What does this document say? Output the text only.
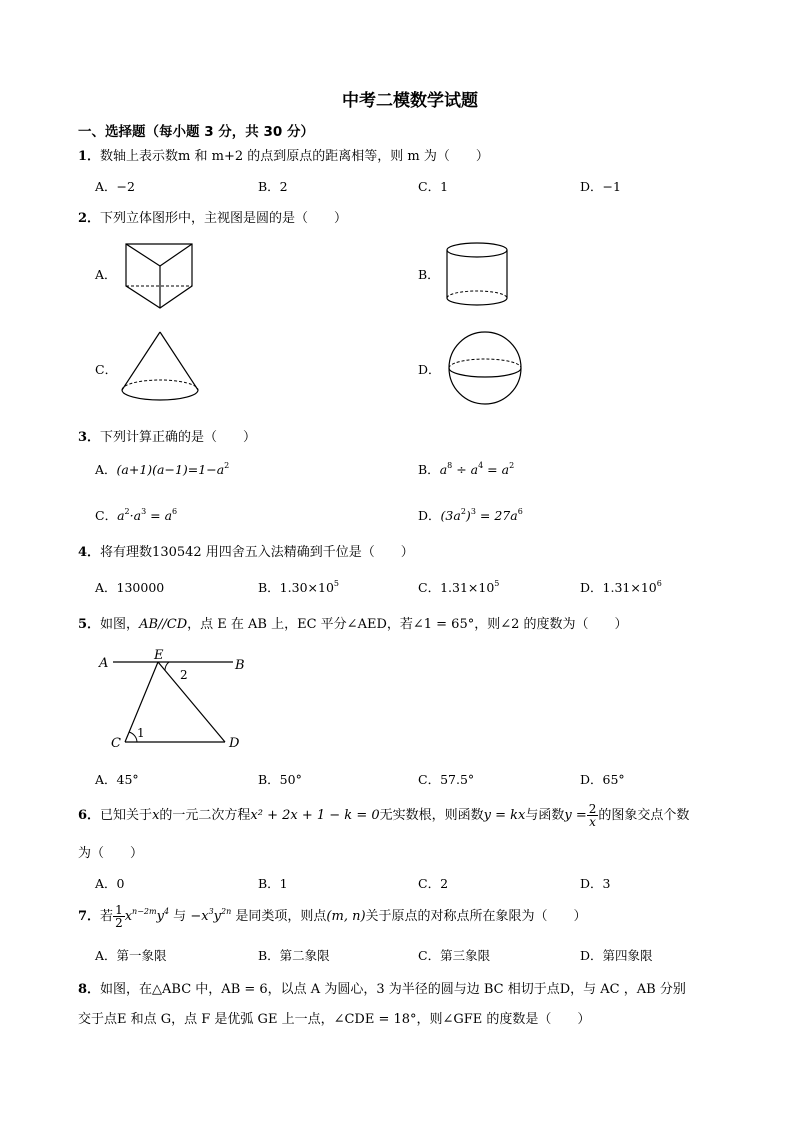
中考二模数学试题
一、选择题（每小题 3 分，共 30 分）
1．数轴上表示数m 和 m+2 的点到原点的距离相等，则 m 为（　　）
A．−2	B．2	C．1	D．−1
2．下列立体图形中，主视图是圆的是（　　）
A．	B．
C．	D．
3．下列计算正确的是（　　）
A．$(a+1)(a-1)=1-a^2$	B．$a^8 \div a^4 = a^2$
C．$a^2\cdot a^3 = a^6$	D．$(3a^2)^3 = 27a^6$
4．将有理数130542 用四舍五入法精确到千位是（　　）
A．130000	B．$1.30\times 10^5$	C．$1.31\times 10^5$	D．$1.31\times 10^6$
5．如图，AB//CD，点 E 在 AB 上，EC 平分∠AED，若∠1 = 65°，则∠2 的度数为（　　）
A
E
B
C	D
1
2
A．45°	B．50°	C．57.5°	D．65°
6．已知关于x的一元二次方程x² + 2x + 1 − k = 0无实数根，则函数y = kx与函数$y = \frac{2}{x}$ 的图象交点个数
为（　　）
A．0	B．1	C．2	D．3
7．若 $\frac{1}{2} x^{n-2m}y^4$ 与 $-x^3y^{2n}$ 是同类项，则点(m, n)关于原点的对称点所在象限为（　　）
A．第一象限	B．第二象限	C．第三象限	D．第四象限
8．如图，在△ABC 中，AB = 6，以点 A 为圆心，3 为半径的圆与边 BC 相切于点D，与 AC ，AB 分别
交于点E 和点 G，点 F 是优弧 GE 上一点，∠CDE = 18°，则∠GFE 的度数是（　　）
